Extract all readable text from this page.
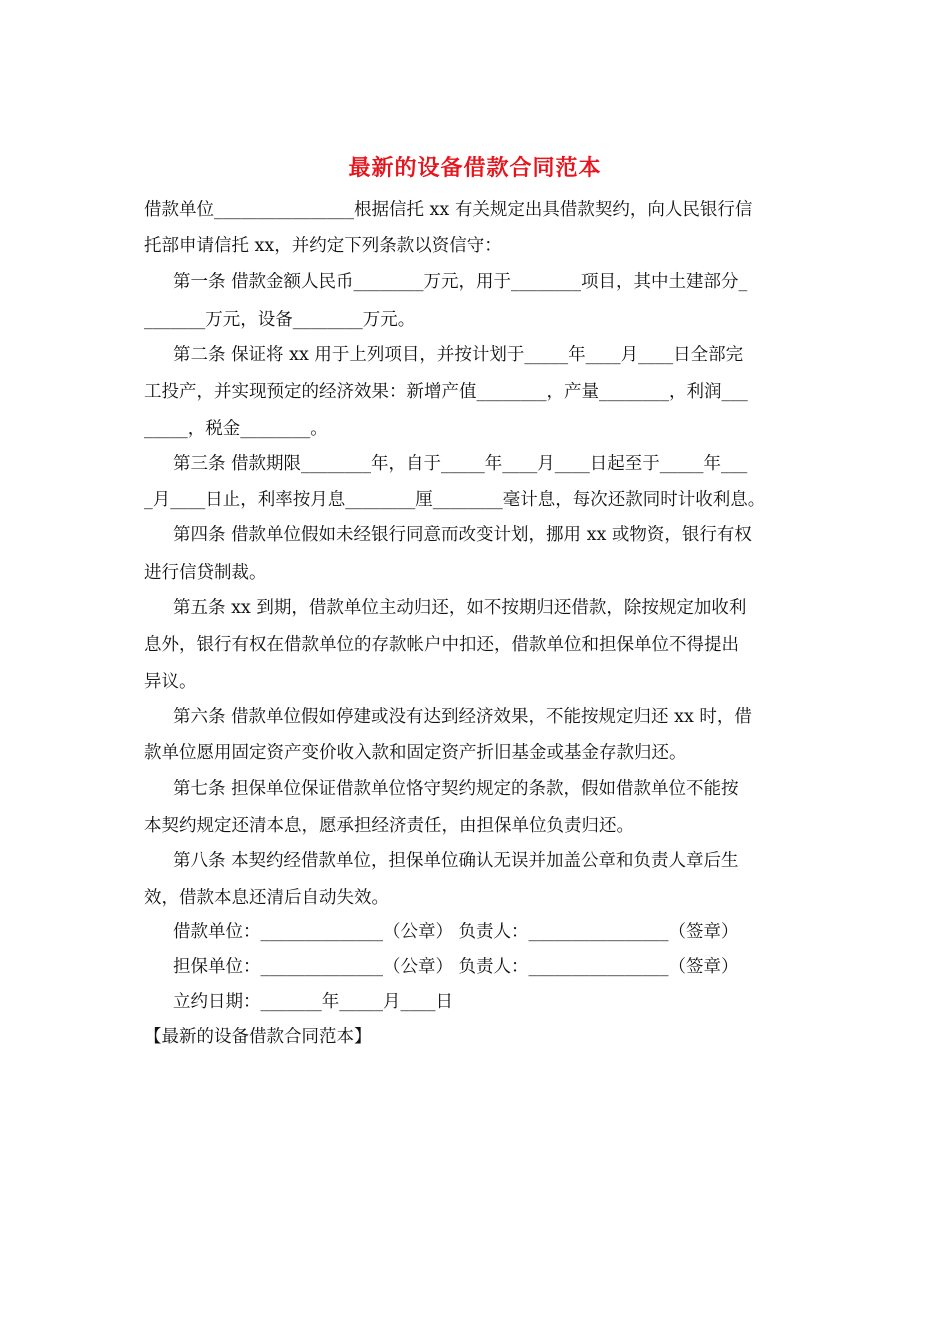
最新的设备借款合同范本
借款单位________________根据信托 xx 有关规定出具借款契约，向人民银行信
托部申请信托 xx，并约定下列条款以资信守：
第一条 借款金额人民币________万元，用于________项目，其中土建部分_
_______万元，设备________万元。
第二条 保证将 xx 用于上列项目，并按计划于_____年____月____日全部完
工投产，并实现预定的经济效果：新增产值________，产量________，利润___
_____，税金________。
第三条 借款期限________年，自于_____年____月____日起至于_____年___
_月____日止，利率按月息________厘________毫计息，每次还款同时计收利息。
第四条 借款单位假如未经银行同意而改变计划，挪用 xx 或物资，银行有权
进行信贷制裁。
第五条 xx 到期，借款单位主动归还，如不按期归还借款，除按规定加收利
息外，银行有权在借款单位的存款帐户中扣还，借款单位和担保单位不得提出
异议。
第六条 借款单位假如停建或没有达到经济效果，不能按规定归还 xx 时，借
款单位愿用固定资产变价收入款和固定资产折旧基金或基金存款归还。
第七条 担保单位保证借款单位恪守契约规定的条款，假如借款单位不能按
本契约规定还清本息，愿承担经济责任，由担保单位负责归还。
第八条 本契约经借款单位，担保单位确认无误并加盖公章和负责人章后生
效，借款本息还清后自动失效。
借款单位：______________（公章） 负责人：________________（签章）
担保单位：______________（公章） 负责人：________________（签章）
立约日期：_______年_____月____日
【最新的设备借款合同范本】
